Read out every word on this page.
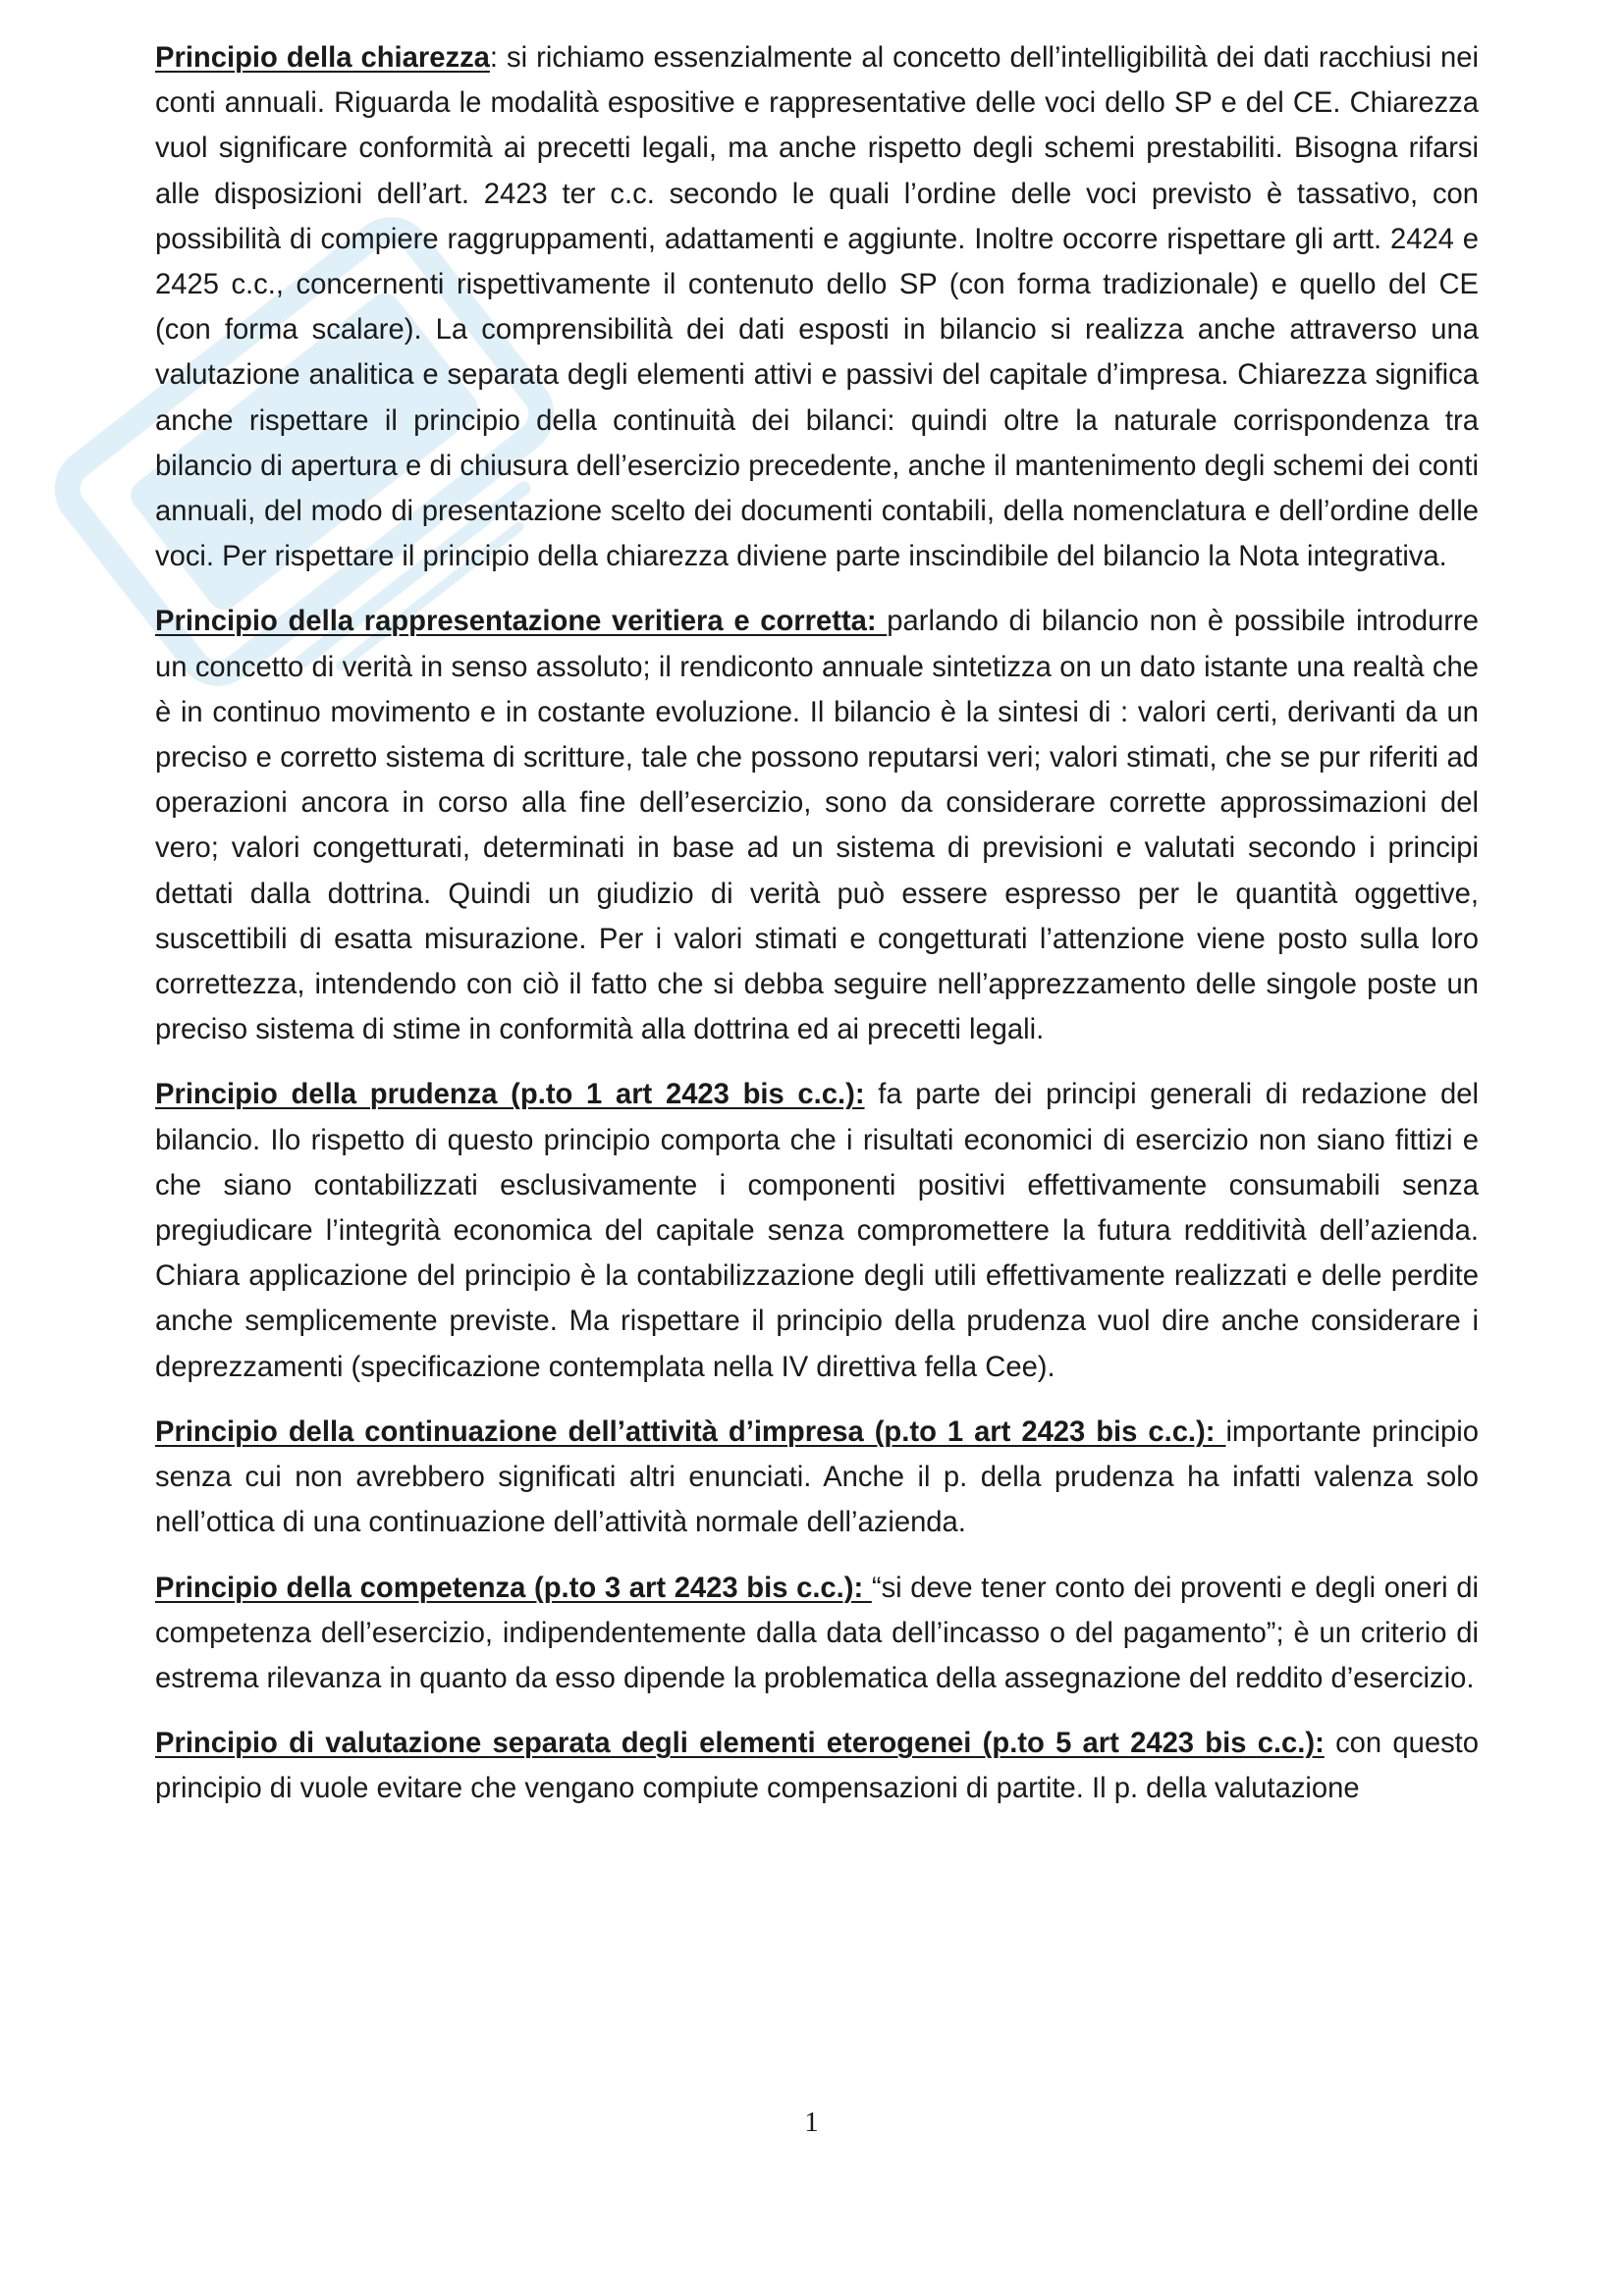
Principio della chiarezza: si richiamo essenzialmente al concetto dell’intelligibilità dei dati racchiusi nei conti annuali. Riguarda le modalità espositive e rappresentative delle voci dello SP e del CE. Chiarezza vuol significare conformità ai precetti legali, ma anche rispetto degli schemi prestabiliti. Bisogna rifarsi alle disposizioni dell’art. 2423 ter c.c. secondo le quali l’ordine delle voci previsto è tassativo, con possibilità di compiere raggruppamenti, adattamenti e aggiunte. Inoltre occorre rispettare gli artt. 2424 e 2425 c.c., concernenti rispettivamente il contenuto dello SP (con forma tradizionale) e quello del CE (con forma scalare). La comprensibilità dei dati esposti in bilancio si realizza anche attraverso una valutazione analitica e separata degli elementi attivi e passivi del capitale d’impresa. Chiarezza significa anche rispettare il principio della continuità dei bilanci: quindi oltre la naturale corrispondenza tra bilancio di apertura e di chiusura dell’esercizio precedente, anche il mantenimento degli schemi dei conti annuali, del modo di presentazione scelto dei documenti contabili, della nomenclatura e dell’ordine delle voci. Per rispettare il principio della chiarezza diviene parte inscindibile del bilancio la Nota integrativa.

Principio della rappresentazione veritiera e corretta: parlando di bilancio non è possibile introdurre un concetto di verità in senso assoluto; il rendiconto annuale sintetizza on un dato istante una realtà che è in continuo movimento e in costante evoluzione. Il bilancio è la sintesi di : valori certi, derivanti da un preciso e corretto sistema di scritture, tale che possono reputarsi veri; valori stimati, che se pur riferiti ad operazioni ancora in corso alla fine dell’esercizio, sono da considerare corrette approssimazioni del vero; valori congetturati, determinati in base ad un sistema di previsioni e valutati secondo i principi dettati dalla dottrina. Quindi un giudizio di verità può essere espresso per le quantità oggettive, suscettibili di esatta misurazione. Per i valori stimati e congetturati l’attenzione viene posto sulla loro correttezza, intendendo con ciò il fatto che si debba seguire nell’apprezzamento delle singole poste un preciso sistema di stime in conformità alla dottrina ed ai precetti legali.

Principio della prudenza (p.to 1 art 2423 bis c.c.): fa parte dei principi generali di redazione del bilancio. Ilo rispetto di questo principio comporta che i risultati economici di esercizio non siano fittizi e che siano contabilizzati esclusivamente i componenti positivi effettivamente consumabili senza pregiudicare l’integrità economica del capitale senza compromettere la futura redditività dell’azienda. Chiara applicazione del principio è la contabilizzazione degli utili effettivamente realizzati e delle perdite anche semplicemente previste. Ma rispettare il principio della prudenza vuol dire anche considerare i deprezzamenti (specificazione contemplata nella IV direttiva fella Cee).

Principio della continuazione dell’attività d’impresa (p.to 1 art 2423 bis c.c.): importante principio senza cui non avrebbero significati altri enunciati. Anche il p. della prudenza ha infatti valenza solo nell’ottica di una continuazione dell’attività normale dell’azienda.

Principio della competenza (p.to 3 art 2423 bis c.c.): “si deve tener conto dei proventi e degli oneri di competenza dell’esercizio, indipendentemente dalla data dell’incasso o del pagamento”; è un criterio di estrema rilevanza in quanto da esso dipende la problematica della assegnazione del reddito d’esercizio.

Principio di valutazione separata degli elementi eterogenei (p.to 5 art 2423 bis c.c.): con questo principio di vuole evitare che vengano compiute compensazioni di partite. Il p. della valutazione

1
